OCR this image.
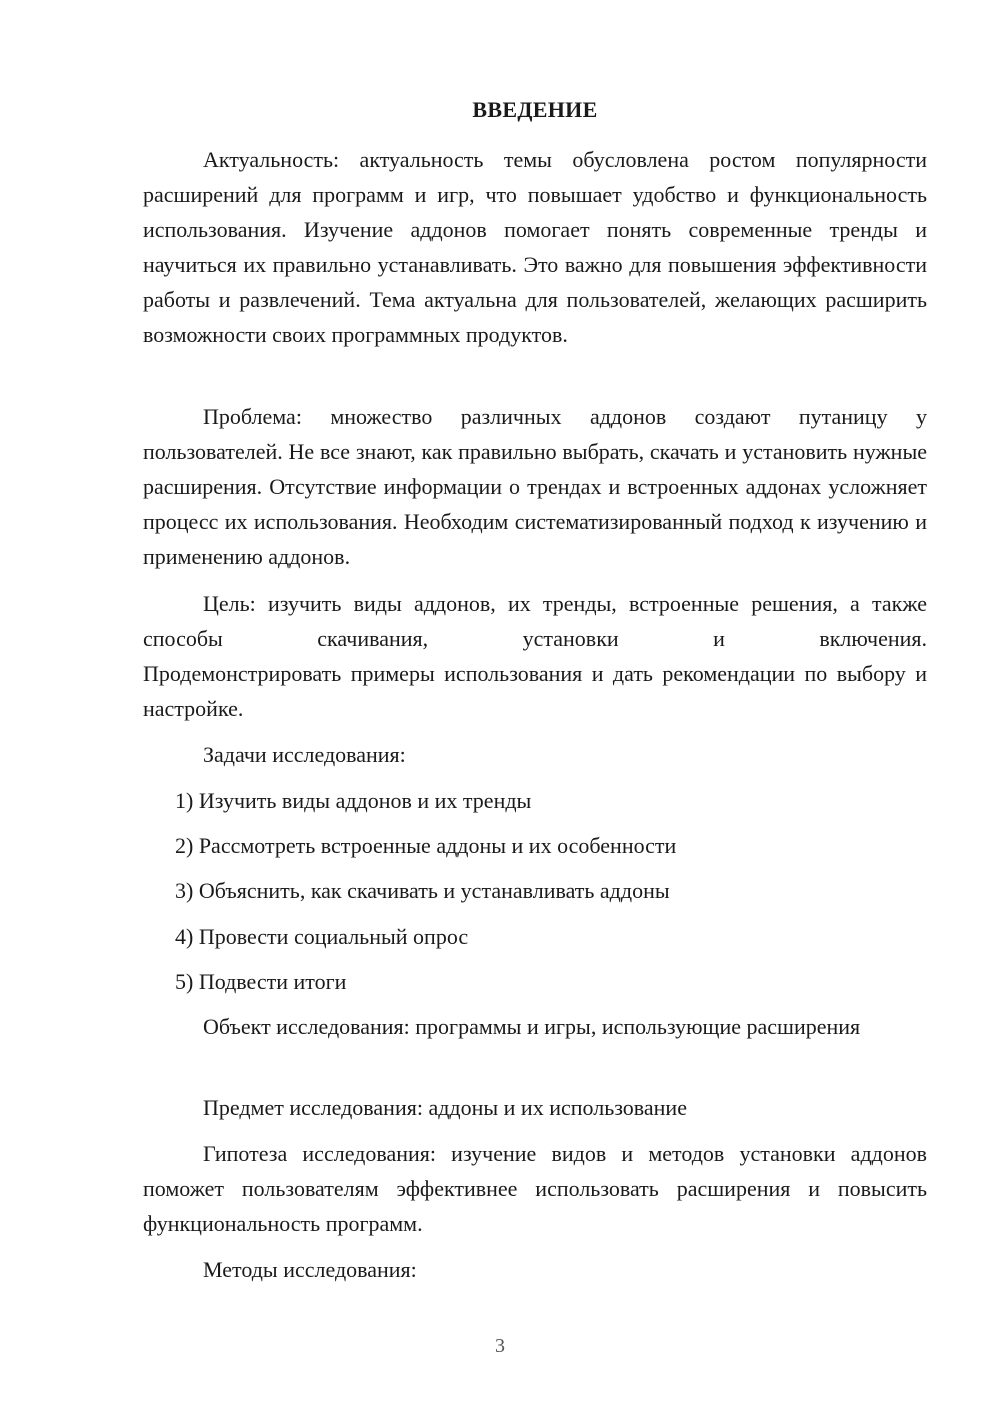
ВВЕДЕНИЕ
Актуальность: актуальность темы обусловлена ростом популярности расширений для программ и игр, что повышает удобство и функциональность использования. Изучение аддонов помогает понять современные тренды и научиться их правильно устанавливать. Это важно для повышения эффективности работы и развлечений. Тема актуальна для пользователей, желающих расширить возможности своих программных продуктов.
Проблема: множество различных аддонов создают путаницу у пользователей. Не все знают, как правильно выбрать, скачать и установить нужные расширения. Отсутствие информации о трендах и встроенных аддонах усложняет процесс их использования. Необходим систематизированный подход к изучению и применению аддонов.
Цель: изучить виды аддонов, их тренды, встроенные решения, а также способы скачивания, установки и включения.
Продемонстрировать примеры использования и дать рекомендации по выбору и настройке.
Задачи исследования:
1) Изучить виды аддонов и их тренды
2) Рассмотреть встроенные аддоны и их особенности
3) Объяснить, как скачивать и устанавливать аддоны
4) Провести социальный опрос
5) Подвести итоги
Объект исследования: программы и игры, использующие расширения
Предмет исследования: аддоны и их использование
Гипотеза исследования: изучение видов и методов установки аддонов поможет пользователям эффективнее использовать расширения и повысить функциональность программ.
Методы исследования:
3
